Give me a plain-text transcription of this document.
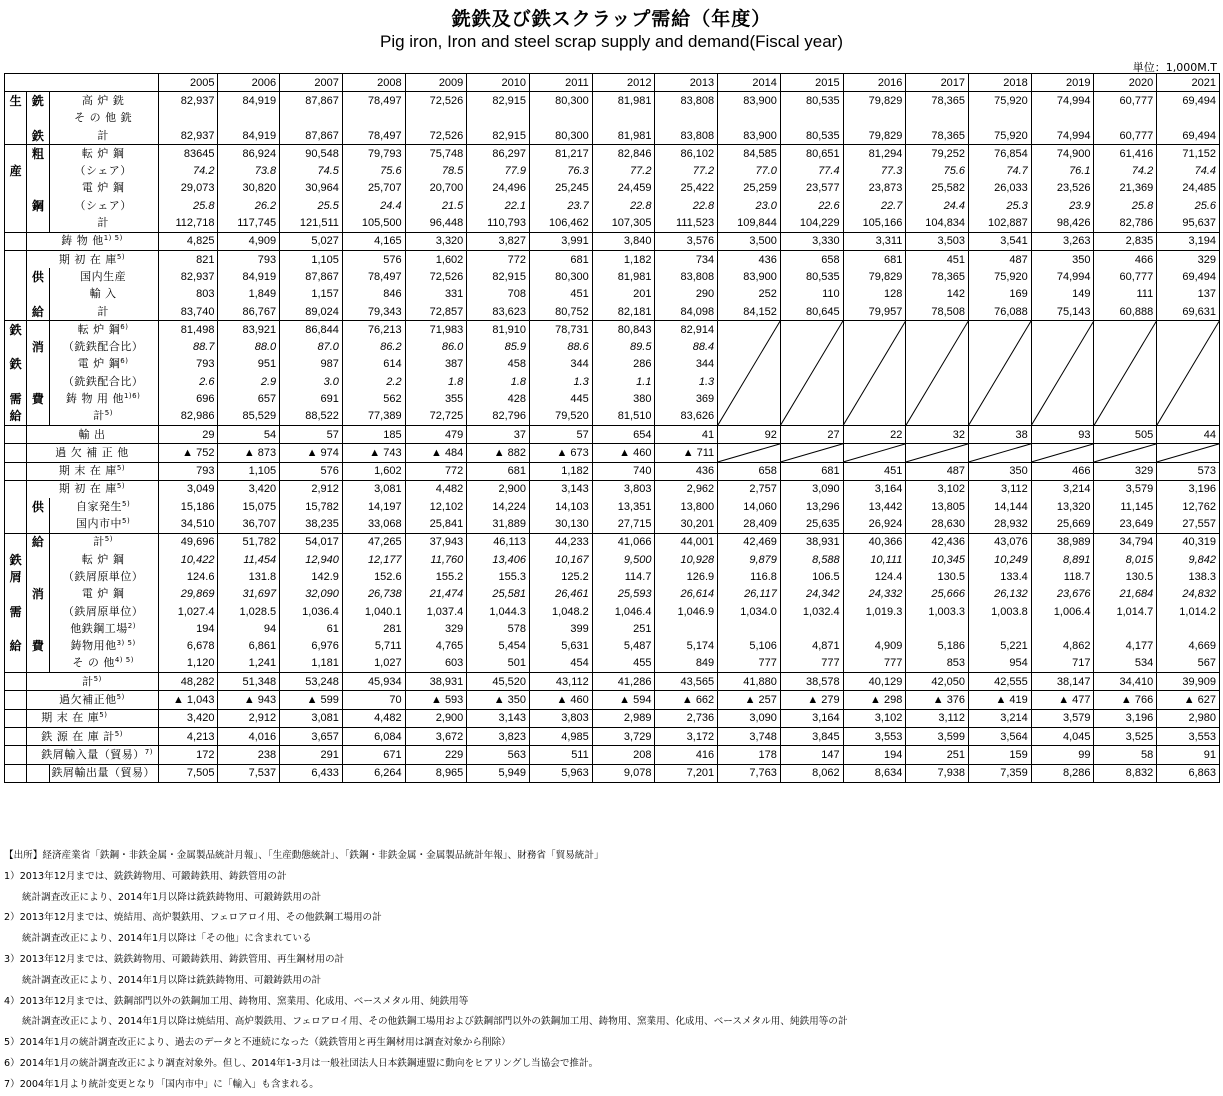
銑鉄及び鉄スクラップ需給（年度）
Pig iron, Iron and steel scrap supply and demand(Fiscal year)
単位：1,000M.T
			2005	2006	2007	2008	2009	2010	2011	2012	2013	2014	2015	2016	2017	2018	2019	2020	2021
生	銑	高 炉 銑	82,937	84,919	87,867	78,497	72,526	82,915	80,300	81,981	83,808	83,900	80,535	79,829	78,365	75,920	74,994	60,777	69,494
		そ の 他 銑																	
	鉄	計	82,937	84,919	87,867	78,497	72,526	82,915	80,300	81,981	83,808	83,900	80,535	79,829	78,365	75,920	74,994	60,777	69,494
	粗	転 炉 鋼	83645	86,924	90,548	79,793	75,748	86,297	81,217	82,846	86,102	84,585	80,651	81,294	79,252	76,854	74,900	61,416	71,152
産		（シェア）	74.2	73.8	74.5	75.6	78.5	77.9	76.3	77.2	77.2	77.0	77.4	77.3	75.6	74.7	76.1	74.2	74.4
		電 炉 鋼	29,073	30,820	30,964	25,707	20,700	24,496	25,245	24,459	25,422	25,259	23,577	23,873	25,582	26,033	23,526	21,369	24,485
	鋼	（シェア）	25.8	26.2	25.5	24.4	21.5	22.1	23.7	22.8	22.8	23.0	22.6	22.7	24.4	25.3	23.9	25.8	25.6
		計	112,718	117,745	121,511	105,500	96,448	110,793	106,462	107,305	111,523	109,844	104,229	105,166	104,834	102,887	98,426	82,786	95,637
	鋳 物 他$^{1) 5)}$		4,825	4,909	5,027	4,165	3,320	3,827	3,991	3,840	3,576	3,500	3,330	3,311	3,503	3,541	3,263	2,835	3,194
	期 初 在 庫$^{5)}$		821	793	1,105	576	1,602	772	681	1,182	734	436	658	681	451	487	350	466	329
	供	国内生産	82,937	84,919	87,867	78,497	72,526	82,915	80,300	81,981	83,808	83,900	80,535	79,829	78,365	75,920	74,994	60,777	69,494
		輸 入	803	1,849	1,157	846	331	708	451	201	290	252	110	128	142	169	149	111	137
	給	計	83,740	86,767	89,024	79,343	72,857	83,623	80,752	82,181	84,098	84,152	80,645	79,957	78,508	76,088	75,143	60,888	69,631
鉄		転 炉 鋼$^{6)}$	81,498	83,921	86,844	76,213	71,983	81,910	78,731	80,843	82,914								
	消	（銑鉄配合比）	88.7	88.0	87.0	86.2	86.0	85.9	88.6	89.5	88.4								
鉄		電 炉 鋼$^{6)}$	793	951	987	614	387	458	344	286	344								
		（銑鉄配合比）	2.6	2.9	3.0	2.2	1.8	1.8	1.3	1.1	1.3								
需	費	鋳 物 用 他$^{1)6)}$	696	657	691	562	355	428	445	380	369								
給		計$^{5)}$	82,986	85,529	88,522	77,389	72,725	82,796	79,520	81,510	83,626								
	輸 出		29	54	57	185	479	37	57	654	41	92	27	22	32	38	93	505	44
	過 欠 補 正 他		▲ 752	▲ 873	▲ 974	▲ 743	▲ 484	▲ 882	▲ 673	▲ 460	▲ 711								
	期 末 在 庫$^{5)}$		793	1,105	576	1,602	772	681	1,182	740	436	658	681	451	487	350	466	329	573
	期 初 在 庫$^{5)}$		3,049	3,420	2,912	3,081	4,482	2,900	3,143	3,803	2,962	2,757	3,090	3,164	3,102	3,112	3,214	3,579	3,196
	供	自家発生$^{5)}$	15,186	15,075	15,782	14,197	12,102	14,224	14,103	13,351	13,800	14,060	13,296	13,442	13,805	14,144	13,320	11,145	12,762
		国内市中$^{5)}$	34,510	36,707	38,235	33,068	25,841	31,889	30,130	27,715	30,201	28,409	25,635	26,924	28,630	28,932	25,669	23,649	27,557
	給	計$^{5)}$	49,696	51,782	54,017	47,265	37,943	46,113	44,233	41,066	44,001	42,469	38,931	40,366	42,436	43,076	38,989	34,794	40,319
鉄		転 炉 鋼	10,422	11,454	12,940	12,177	11,760	13,406	10,167	9,500	10,928	9,879	8,588	10,111	10,345	10,249	8,891	8,015	9,842
屑		（鉄屑原単位）	124.6	131.8	142.9	152.6	155.2	155.3	125.2	114.7	126.9	116.8	106.5	124.4	130.5	133.4	118.7	130.5	138.3
	消	電 炉 鋼	29,869	31,697	32,090	26,738	21,474	25,581	26,461	25,593	26,614	26,117	24,342	24,332	25,666	26,132	23,676	21,684	24,832
需		（鉄屑原単位）	1,027.4	1,028.5	1,036.4	1,040.1	1,037.4	1,044.3	1,048.2	1,046.4	1,046.9	1,034.0	1,032.4	1,019.3	1,003.3	1,003.8	1,006.4	1,014.7	1,014.2
		他鉄鋼工場$^{2)}$	194	94	61	281	329	578	399	251									
給	費	鋳物用他$^{3) 5)}$	6,678	6,861	6,976	5,711	4,765	5,454	5,631	5,487	5,174	5,106	4,871	4,909	5,186	5,221	4,862	4,177	4,669
		そ の 他$^{4) 5)}$	1,120	1,241	1,181	1,027	603	501	454	455	849	777	777	777	853	954	717	534	567
	計$^{5)}$		48,282	51,348	53,248	45,934	38,931	45,520	43,112	41,286	43,565	41,880	38,578	40,129	42,050	42,555	38,147	34,410	39,909
	過欠補正他$^{5)}$		▲ 1,043	▲ 943	▲ 599	70	▲ 593	▲ 350	▲ 460	▲ 594	▲ 662	▲ 257	▲ 279	▲ 298	▲ 376	▲ 419	▲ 477	▲ 766	▲ 627
	期 末 在 庫$^{5)}$		3,420	2,912	3,081	4,482	2,900	3,143	3,803	2,989	2,736	3,090	3,164	3,102	3,112	3,214	3,579	3,196	2,980
	鉄 源 在 庫 計$^{5)}$		4,213	4,016	3,657	6,084	3,672	3,823	4,985	3,729	3,172	3,748	3,845	3,553	3,599	3,564	4,045	3,525	3,553
	鉄屑輸入量（貿易）$^{7)}$		172	238	291	671	229	563	511	208	416	178	147	194	251	159	99	58	91
		鉄屑輸出量（貿易）	7,505	7,537	6,433	6,264	8,965	5,949	5,963	9,078	7,201	7,763	8,062	8,634	7,938	7,359	8,286	8,832	6,863
【出所】経済産業省「鉄鋼・非鉄金属・金属製品統計月報」、「生産動態統計」、「鉄鋼・非鉄金属・金属製品統計年報」、財務省「貿易統計」
1）2013年12月までは、銑鉄鋳物用、可鍛鋳鉄用、鋳鉄管用の計
統計調査改正により、2014年1月以降は銑鉄鋳物用、可鍛鋳鉄用の計
2）2013年12月までは、焼結用、高炉製鉄用、フェロアロイ用、その他鉄鋼工場用の計
統計調査改正により、2014年1月以降は「その他」に含まれている
3）2013年12月までは、銑鉄鋳物用、可鍛鋳鉄用、鋳鉄管用、再生鋼材用の計
統計調査改正により、2014年1月以降は銑鉄鋳物用、可鍛鋳鉄用の計
4）2013年12月までは、鉄鋼部門以外の鉄鋼加工用、鋳物用、窯業用、化成用、ベースメタル用、純鉄用等
統計調査改正により、2014年1月以降は焼結用、高炉製鉄用、フェロアロイ用、その他鉄鋼工場用および鉄鋼部門以外の鉄鋼加工用、鋳物用、窯業用、化成用、ベースメタル用、純鉄用等の計
5）2014年1月の統計調査改正により、過去のデータと不連続になった（銑鉄管用と再生鋼材用は調査対象から削除）
6）2014年1月の統計調査改正により調査対象外。但し、2014年1-3月は一般社団法人日本鉄鋼連盟に動向をヒアリングし当協会で推計。
7）2004年1月より統計変更となり「国内市中」に「輸入」も含まれる。
